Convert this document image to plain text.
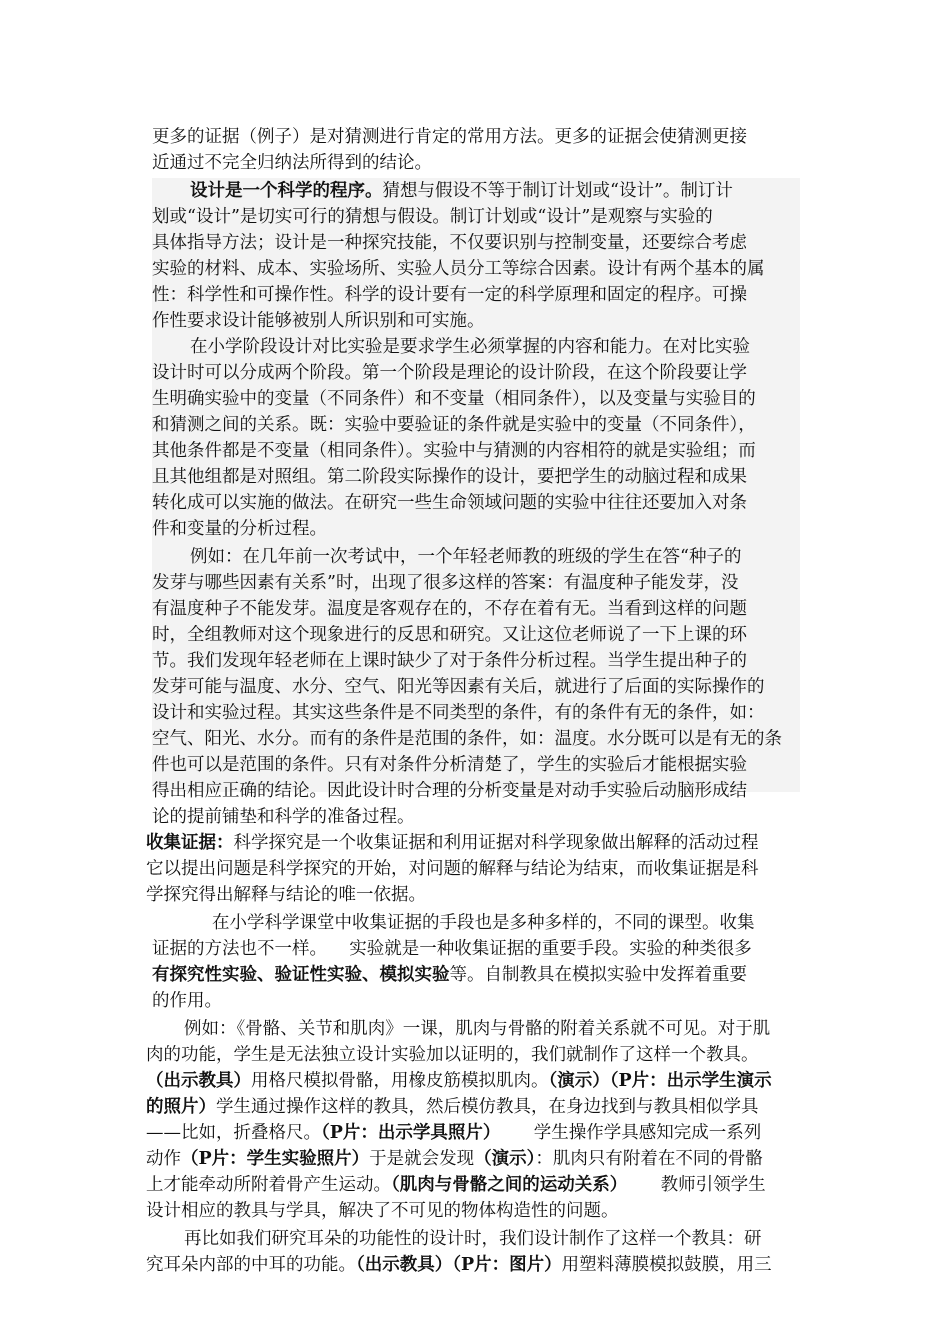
更多的证据（例子）是对猜测进行肯定的常用方法。更多的证据会使猜测更接
近通过不完全归纳法所得到的结论。
设计是一个科学的程序。猜想与假设不等于制订计划或“设计”。制订计
划或“设计”是切实可行的猜想与假设。制订计划或“设计”是观察与实验的
具体指导方法；设计是一种探究技能，不仅要识别与控制变量，还要综合考虑
实验的材料、成本、实验场所、实验人员分工等综合因素。设计有两个基本的属
性：科学性和可操作性。科学的设计要有一定的科学原理和固定的程序。可操
作性要求设计能够被别人所识别和可实施。
在小学阶段设计对比实验是要求学生必须掌握的内容和能力。在对比实验
设计时可以分成两个阶段。第一个阶段是理论的设计阶段，在这个阶段要让学
生明确实验中的变量（不同条件）和不变量（相同条件），以及变量与实验目的
和猜测之间的关系。既：实验中要验证的条件就是实验中的变量（不同条件），
其他条件都是不变量（相同条件）。实验中与猜测的内容相符的就是实验组；而
且其他组都是对照组。第二阶段实际操作的设计，要把学生的动脑过程和成果
转化成可以实施的做法。在研究一些生命领域问题的实验中往往还要加入对条
件和变量的分析过程。
例如：在几年前一次考试中，一个年轻老师教的班级的学生在答“种子的
发芽与哪些因素有关系”时，出现了很多这样的答案：有温度种子能发芽，没
有温度种子不能发芽。温度是客观存在的，不存在着有无。当看到这样的问题
时，全组教师对这个现象进行的反思和研究。又让这位老师说了一下上课的环
节。我们发现年轻老师在上课时缺少了对于条件分析过程。当学生提出种子的
发芽可能与温度、水分、空气、阳光等因素有关后，就进行了后面的实际操作的
设计和实验过程。其实这些条件是不同类型的条件，有的条件有无的条件，如：
空气、阳光、水分。而有的条件是范围的条件，如：温度。水分既可以是有无的条
件也可以是范围的条件。只有对条件分析清楚了，学生的实验后才能根据实验
得出相应正确的结论。因此设计时合理的分析变量是对动手实验后动脑形成结
论的提前铺垫和科学的准备过程。
收集证据：科学探究是一个收集证据和利用证据对科学现象做出解释的活动过程
它以提出问题是科学探究的开始，对问题的解释与结论为结束，而收集证据是科
学探究得出解释与结论的唯一依据。
在小学科学课堂中收集证据的手段也是多种多样的，不同的课型。收集
证据的方法也不一样。    实验就是一种收集证据的重要手段。实验的种类很多
有探究性实验、验证性实验、模拟实验等。自制教具在模拟实验中发挥着重要
的作用。
例如：《骨骼、关节和肌肉》一课，肌肉与骨骼的附着关系就不可见。对于肌
肉的功能，学生是无法独立设计实验加以证明的，我们就制作了这样一个教具。
（出示教具）用格尺模拟骨骼，用橡皮筋模拟肌肉。（演示）（P片：出示学生演示
的照片）学生通过操作这样的教具，然后模仿教具，在身边找到与教具相似学具
——比如，折叠格尺。（P片：出示学具照片）      学生操作学具感知完成一系列
动作（P片：学生实验照片）于是就会发现（演示）：肌肉只有附着在不同的骨骼
上才能牵动所附着骨产生运动。（肌肉与骨骼之间的运动关系）      教师引领学生
设计相应的教具与学具，解决了不可见的物体构造性的问题。
再比如我们研究耳朵的功能性的设计时，我们设计制作了这样一个教具：研
究耳朵内部的中耳的功能。（出示教具）（P片：图片）用塑料薄膜模拟鼓膜，用三
